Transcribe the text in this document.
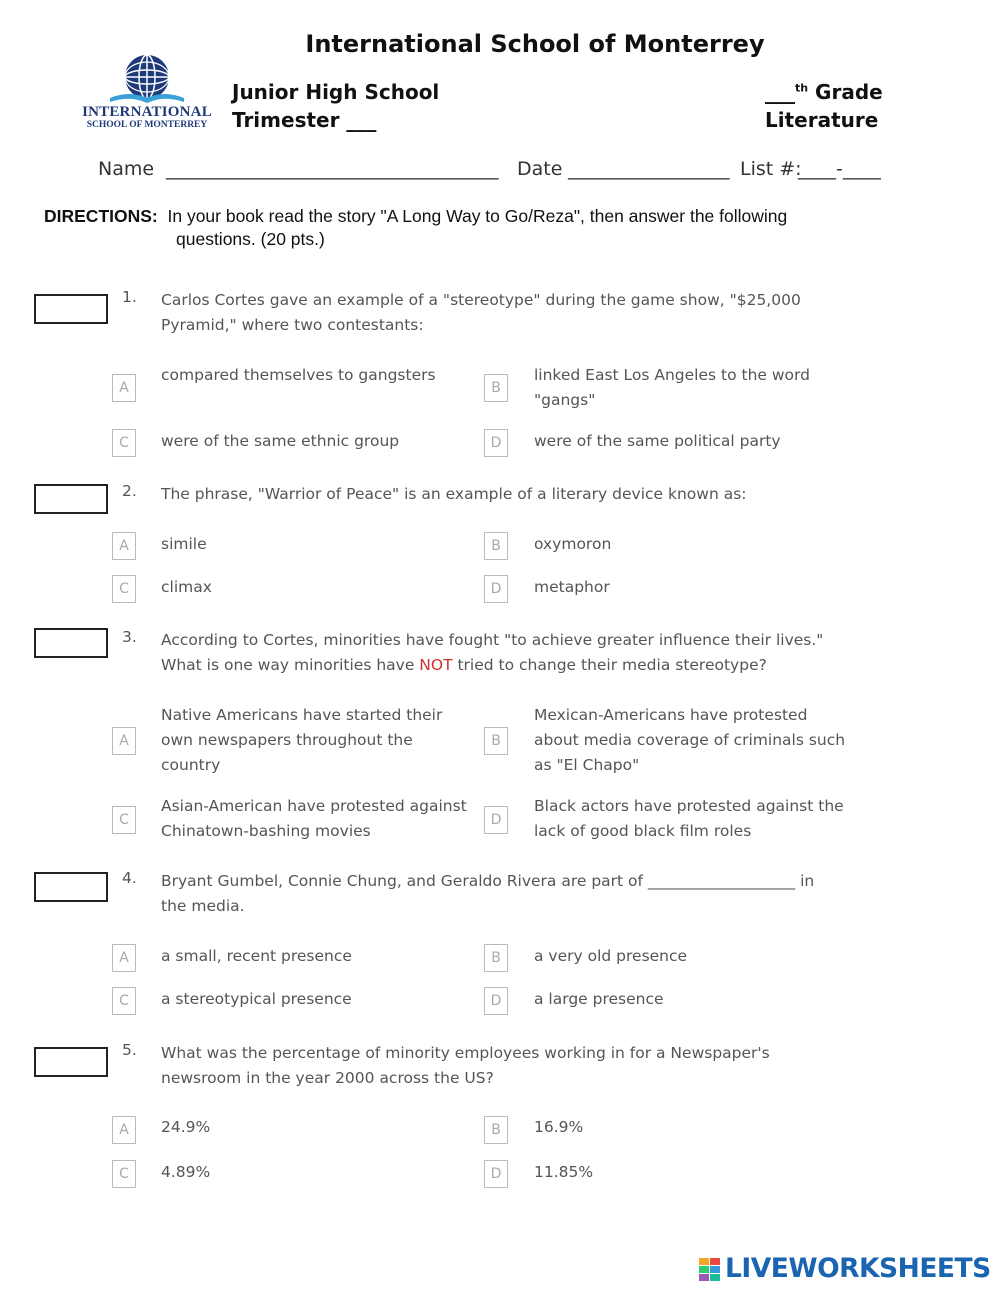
International School of Monterrey
INTERNATIONAL
SCHOOL OF MONTERREY
Junior High School
Trimester ___
___$^{th}$ Grade
Literature
Name ___________________________________ Date _________________ List #:
____-____
DIRECTIONS: In your book read the story "A Long Way to Go/Reza", then answer the following
questions. (20 pts.)
1. Carlos Cortes gave an example of a "stereotype" during the game show, "$25,000
Pyramid," where two contestants:
A
compared themselves to gangsters
B
linked East Los Angeles to the word
"gangs"
C	were of the same ethnic group	D	were of the same political party
2. The phrase, "Warrior of Peace" is an example of a literary device known as:
A	simile	B	oxymoron
C	climax	D	metaphor
3. According to Cortes, minorities have fought "to achieve greater influence their lives."
What is one way minorities have NOT tried to change their media stereotype?
A
Native Americans have started their
own newspapers throughout the
country
B
Mexican-Americans have protested
about media coverage of criminals such
as "El Chapo"
C
Asian-American have protested against
Chinatown-bashing movies
D
Black actors have protested against the
lack of good black film roles
4. Bryant Gumbel, Connie Chung, and Geraldo Rivera are part of ___________________ in
the media.
A	a small, recent presence	B	a very old presence
C	a stereotypical presence	D	a large presence
5. What was the percentage of minority employees working in for a Newspaper's
newsroom in the year 2000 across the US?
A	24.9%	B	16.9%
C	4.89%	D	11.85%
LIVEWORKSHEETS
